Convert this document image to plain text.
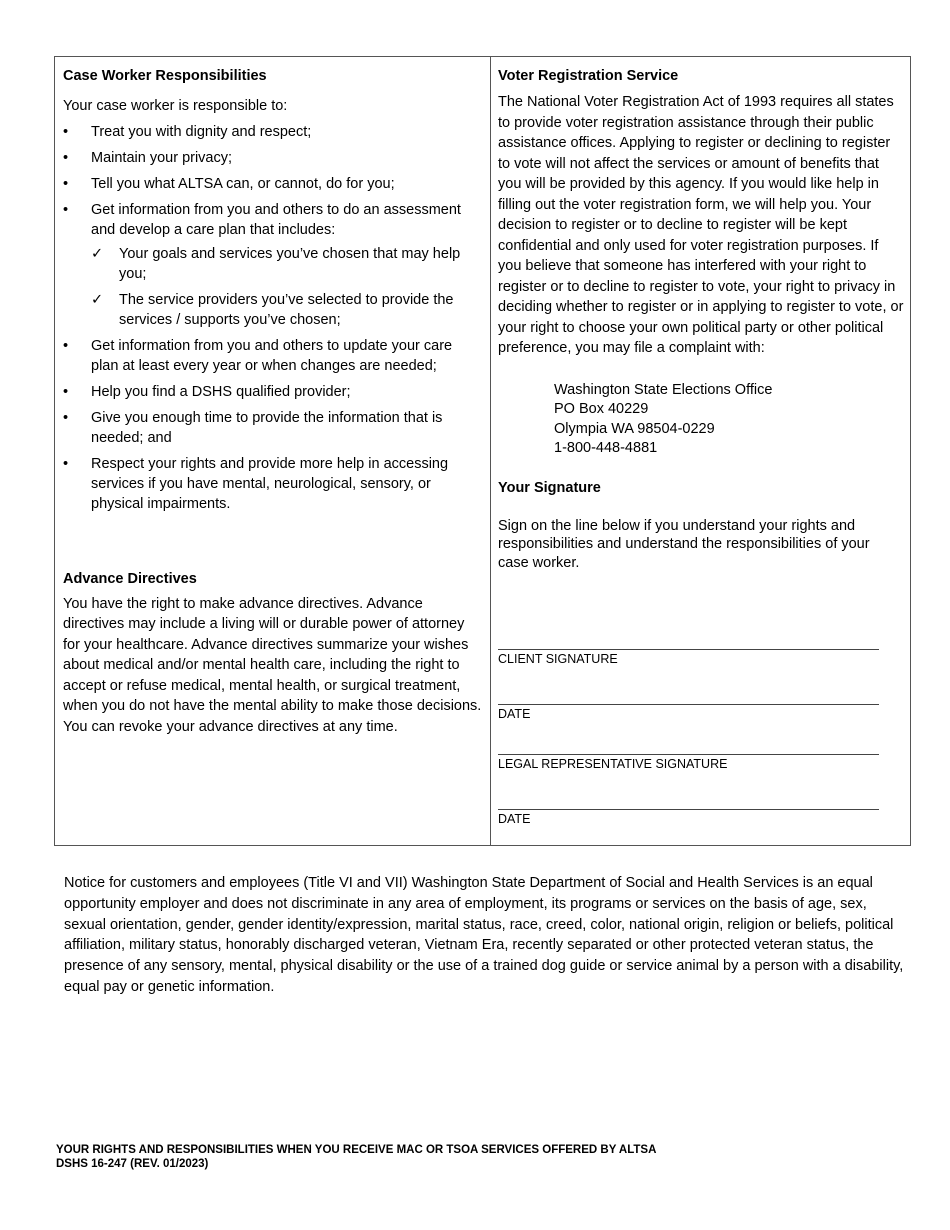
Case Worker Responsibilities

Your case worker is responsible to:

•	Treat you with dignity and respect;
•	Maintain your privacy;
•	Tell you what ALTSA can, or cannot, do for you;
•	Get information from you and others to do an assessment and develop a care plan that includes:
✓ Your goals and services you’ve chosen that may help you;
✓ The service providers you’ve selected to provide the services / supports you’ve chosen;
•	Get information from you and others to update your care plan at least every year or when changes are needed;
•	Help you find a DSHS qualified provider;
•	Give you enough time to provide the information that is needed; and
•	Respect your rights and provide more help in accessing services if you have mental, neurological, sensory, or physical impairments.
Advance Directives

You have the right to make advance directives. Advance directives may include a living will or durable power of attorney for your healthcare. Advance directives summarize your wishes about medical and/or mental health care, including the right to accept or refuse medical, mental health, or surgical treatment, when you do not have the mental ability to make those decisions. You can revoke your advance directives at any time.

Voter Registration Service

The National Voter Registration Act of 1993 requires all states to provide voter registration assistance through their public assistance offices. Applying to register or declining to register to vote will not affect the services or amount of benefits that you will be provided by this agency. If you would like help in filling out the voter registration form, we will help you. Your decision to register or to decline to register will be kept confidential and only used for voter registration purposes. If you believe that someone has interfered with your right to register or to decline to register to vote, your right to privacy in deciding whether to register or in applying to register to vote, or your right to choose your own political party or other political preference, you may file a complaint with:

Washington State Elections Office
PO Box 40229
Olympia WA 98504-0229
1-800-448-4881
Your Signature

Sign on the line below if you understand your rights and responsibilities and understand the responsibilities of your case worker.

CLIENT SIGNATURE
DATE
LEGAL REPRESENTATIVE SIGNATURE
DATE

Notice for customers and employees (Title VI and VII) Washington State Department of Social and Health Services is an equal opportunity employer and does not discriminate in any area of employment, its programs or services on the basis of age, sex, sexual orientation, gender, gender identity/expression, marital status, race, creed, color, national origin, religion or beliefs, political affiliation, military status, honorably discharged veteran, Vietnam Era, recently separated or other protected veteran status, the presence of any sensory, mental, physical disability or the use of a trained dog guide or service animal by a person with a disability, equal pay or genetic information.

YOUR RIGHTS AND RESPONSIBILITIES WHEN YOU RECEIVE MAC OR TSOA SERVICES OFFERED BY ALTSA
DSHS 16-247 (REV. 01/2023)
